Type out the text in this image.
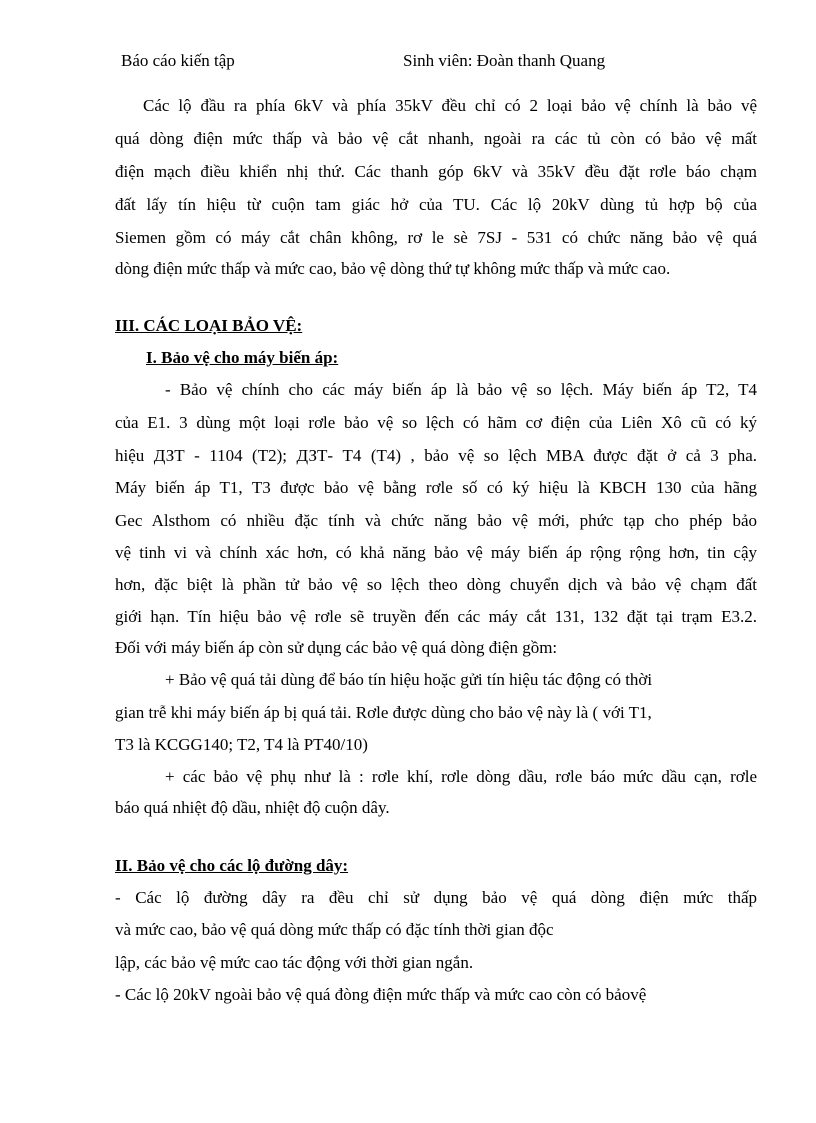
Báo cáo kiến tập	Sinh viên: Đoàn thanh Quang
Các lộ đầu ra phía 6kV và phía 35kV đều chỉ có 2 loại bảo vệ chính là bảo vệ
quá dòng điện mức thấp và bảo vệ cắt nhanh, ngoài ra các tủ còn có bảo vệ mất
điện mạch điều khiển nhị thứ. Các thanh góp 6kV và 35kV đều đặt rơle báo chạm
đất lấy tín hiệu từ cuộn tam giác hở của TU. Các lộ 20kV dùng tủ hợp bộ của
Siemen gồm có máy cắt chân không, rơ le sè 7SJ - 531 có chức năng bảo vệ quá
dòng điện mức thấp và mức cao, bảo vệ dòng thứ tự không mức thấp và mức cao.
III. CÁC LOẠI BẢO VỆ:
I. Bảo vệ cho máy biến áp:
- Bảo vệ chính cho các máy biến áp là bảo vệ so lệch. Máy biến áp T2, T4
của E1. 3 dùng một loại rơle bảo vệ so lệch có hãm cơ điện của Liên Xô cũ có ký
hiệu ДЗТ - 1104 (T2); ДЗТ- T4 (T4) , bảo vệ so lệch MBA được đặt ở cả 3 pha.
Máy biến áp T1, T3 được bảo vệ bằng rơle số có ký hiệu là KBCH 130 của hãng
Gec Alsthom có nhiều đặc tính và chức năng bảo vệ mới, phức tạp cho phép bảo
vệ tinh vi và chính xác hơn, có khả năng bảo vệ máy biến áp rộng rộng hơn, tin cậy
hơn, đặc biệt là phần tử bảo vệ so lệch theo dòng chuyển dịch và bảo vệ chạm đất
giới hạn. Tín hiệu bảo vệ rơle sẽ truyền đến các máy cắt 131, 132 đặt tại trạm E3.2.
Đối với máy biến áp còn sử dụng các bảo vệ quá dòng điện gồm:
+ Bảo vệ quá tải dùng để báo tín hiệu hoặc gửi tín hiệu tác động có thời
gian trễ khi máy biến áp bị quá tải. Rơle được dùng cho bảo vệ này là ( với T1,
T3 là KCGG140; T2, T4 là PT40/10)
+ các bảo vệ phụ như là : rơle khí, rơle dòng dầu, rơle báo mức dầu cạn, rơle
báo quá nhiệt độ dầu, nhiệt độ cuộn dây.
II. Bảo vệ cho các lộ đường dây:
- Các lộ đường dây ra đều chỉ sử dụng bảo vệ quá dòng điện mức thấp
và mức cao, bảo vệ quá dòng mức thấp có đặc tính thời gian độc
lập, các bảo vệ mức cao tác động với thời gian ngắn.
- Các lộ 20kV ngoài bảo vệ quá đòng điện mức thấp và mức cao còn có bảovệ
